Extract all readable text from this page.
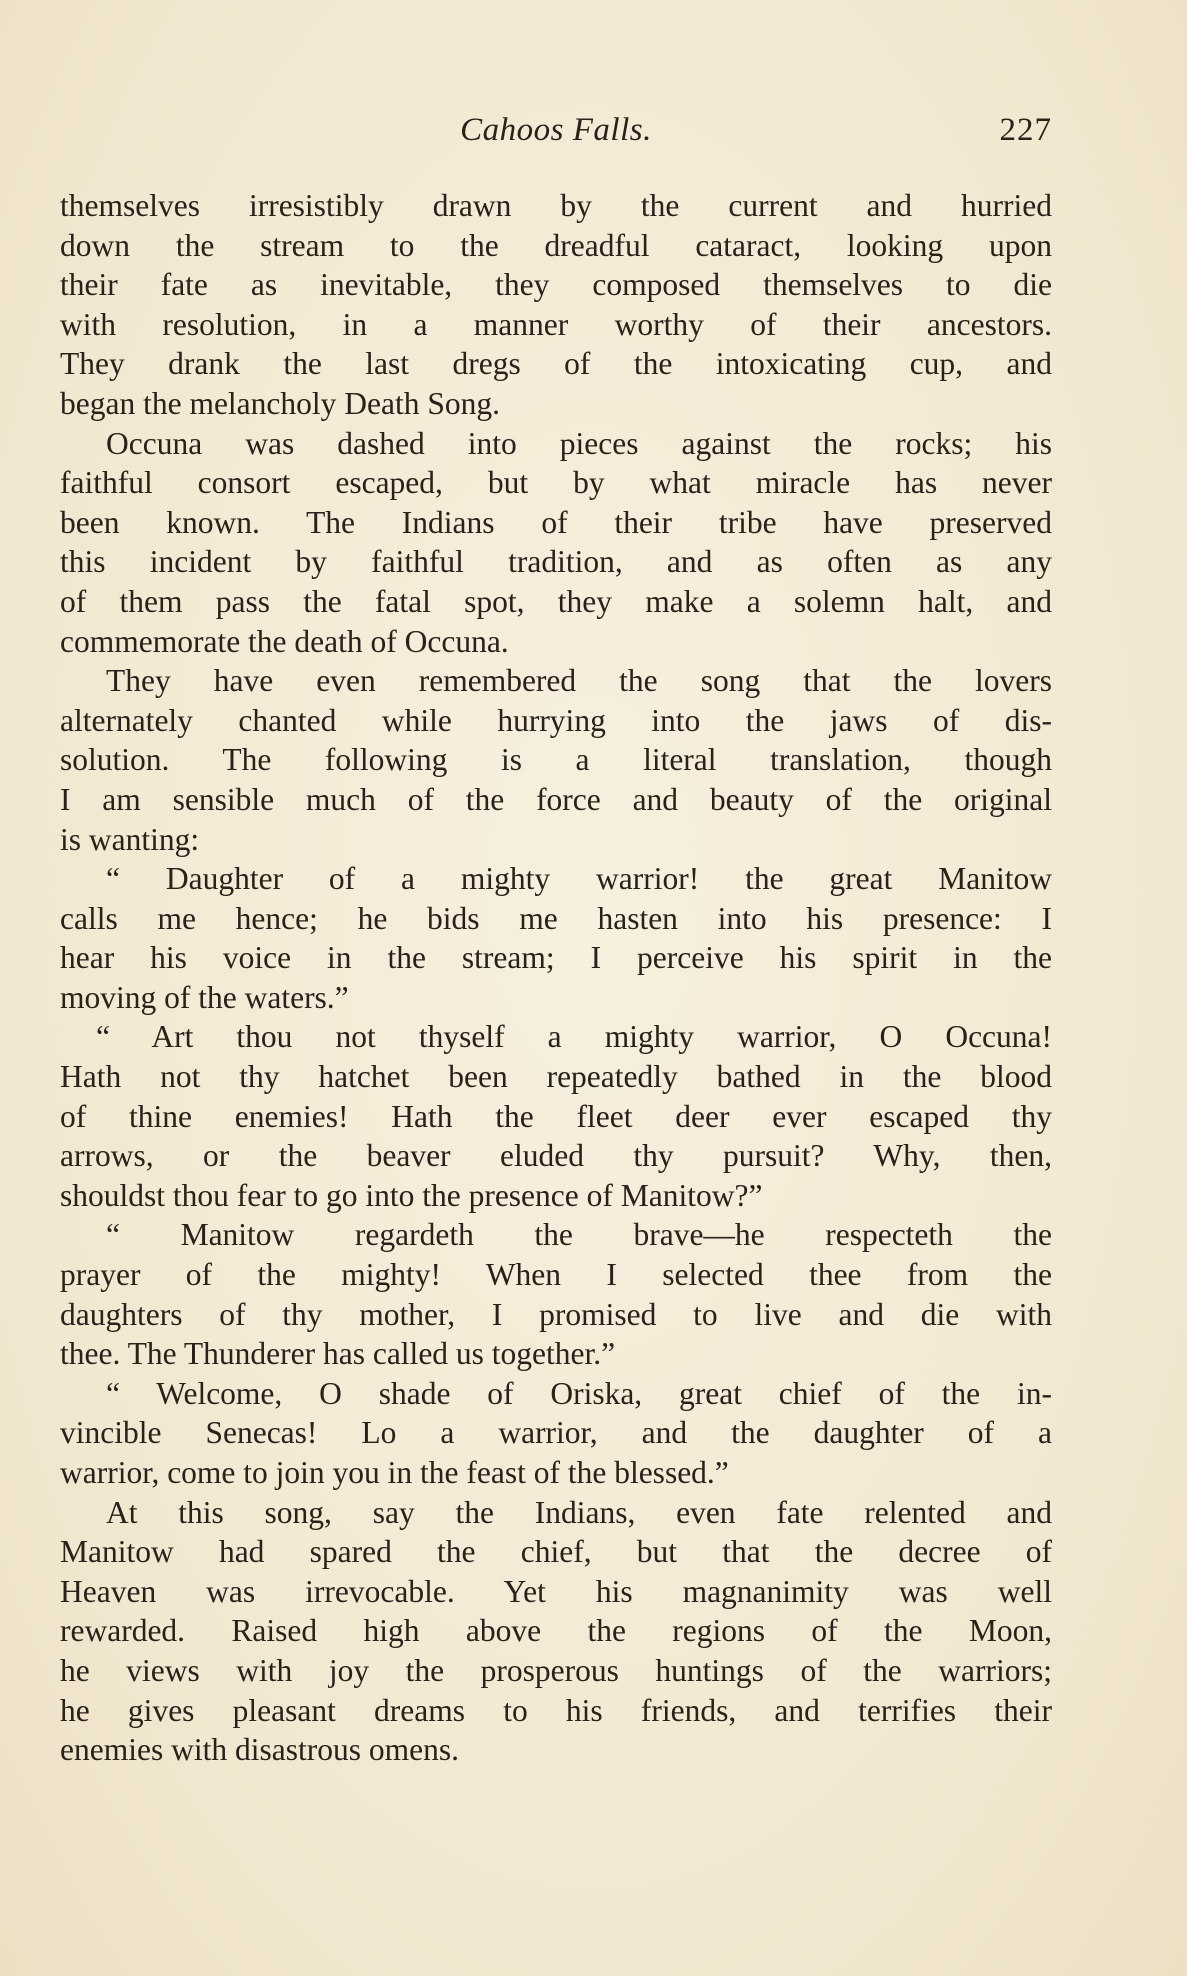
Cahoos Falls.	227
themselves irresistibly drawn by the current and hurried
down the stream to the dreadful cataract, looking upon
their fate as inevitable, they composed themselves to die
with resolution, in a manner worthy of their ancestors.
They drank the last dregs of the intoxicating cup, and
began the melancholy Death Song.
Occuna was dashed into pieces against the rocks; his
faithful consort escaped, but by what miracle has never
been known. The Indians of their tribe have preserved
this incident by faithful tradition, and as often as any
of them pass the fatal spot, they make a solemn halt, and
commemorate the death of Occuna.
They have even remembered the song that the lovers
alternately chanted while hurrying into the jaws of dis-
solution. The following is a literal translation, though
I am sensible much of the force and beauty of the original
is wanting:
“ Daughter of a mighty warrior! the great Manitow
calls me hence; he bids me hasten into his presence: I
hear his voice in the stream; I perceive his spirit in the
moving of the waters.”
“ Art thou not thyself a mighty warrior, O Occuna!
Hath not thy hatchet been repeatedly bathed in the blood
of thine enemies! Hath the fleet deer ever escaped thy
arrows, or the beaver eluded thy pursuit? Why, then,
shouldst thou fear to go into the presence of Manitow?”
“ Manitow regardeth the brave—he respecteth the
prayer of the mighty! When I selected thee from the
daughters of thy mother, I promised to live and die with
thee. The Thunderer has called us together.”
“ Welcome, O shade of Oriska, great chief of the in-
vincible Senecas! Lo a warrior, and the daughter of a
warrior, come to join you in the feast of the blessed.”
At this song, say the Indians, even fate relented and
Manitow had spared the chief, but that the decree of
Heaven was irrevocable. Yet his magnanimity was well
rewarded. Raised high above the regions of the Moon,
he views with joy the prosperous huntings of the warriors;
he gives pleasant dreams to his friends, and terrifies their
enemies with disastrous omens.
